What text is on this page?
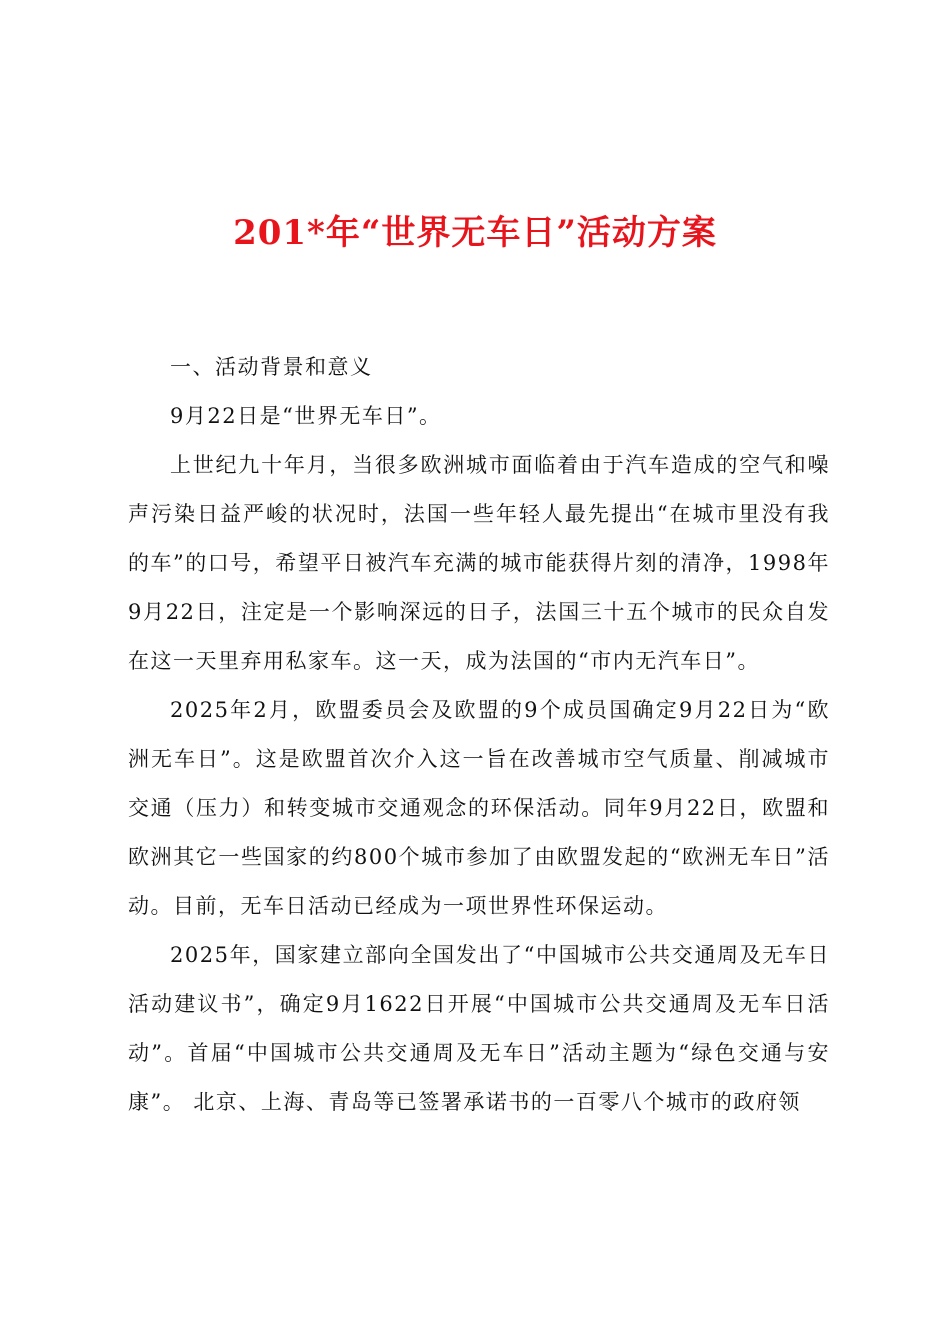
201*年“世界无车日”活动方案

一、活动背景和意义

9月22日是“世界无车日”。

上世纪九十年月，当很多欧洲城市面临着由于汽车造成的空气和噪声污染日益严峻的状况时，法国一些年轻人最先提出“在城市里没有我的车”的口号，希望平日被汽车充满的城市能获得片刻的清净，1998年9月22日，注定是一个影响深远的日子，法国三十五个城市的民众自发在这一天里弃用私家车。这一天，成为法国的“市内无汽车日”。

2025年2月，欧盟委员会及欧盟的9个成员国确定9月22日为“欧洲无车日”。这是欧盟首次介入这一旨在改善城市空气质量、削减城市交通（压力）和转变城市交通观念的环保活动。同年9月22日，欧盟和欧洲其它一些国家的约800个城市参加了由欧盟发起的“欧洲无车日”活动。目前，无车日活动已经成为一项世界性环保运动。

2025年，国家建立部向全国发出了“中国城市公共交通周及无车日活动建议书”，确定9月1622日开展“中国城市公共交通周及无车日活动”。首届“中国城市公共交通周及无车日”活动主题为“绿色交通与安康”。 北京、上海、青岛等已签署承诺书的一百零八个城市的政府领
